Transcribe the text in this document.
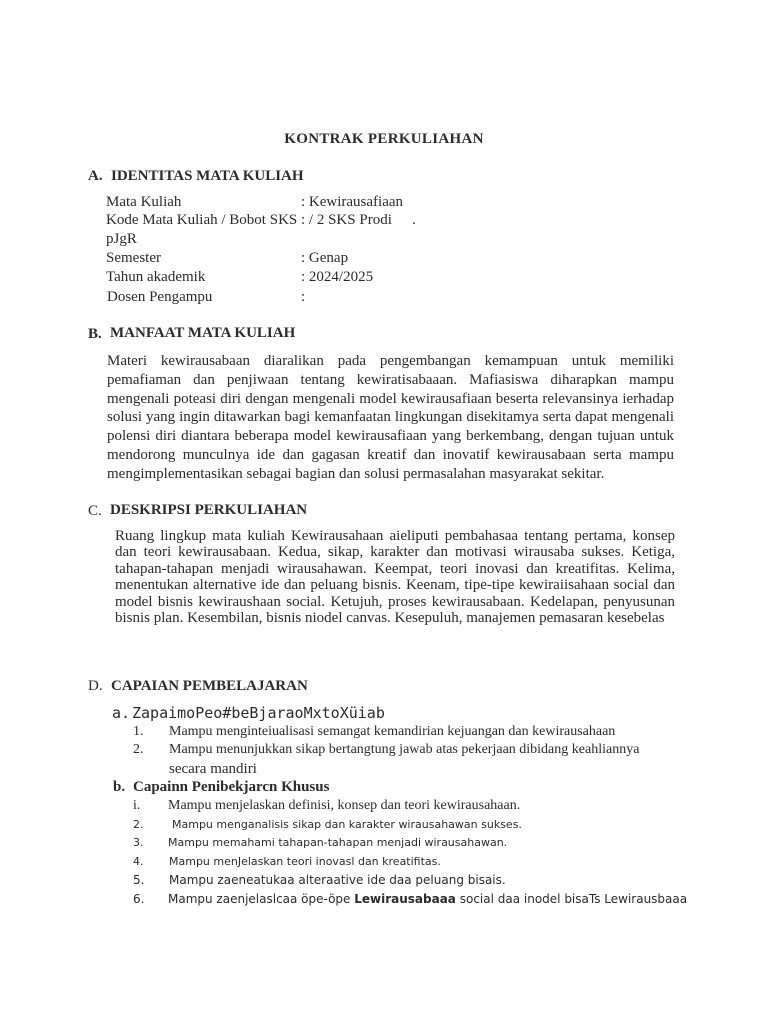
KONTRAK PERKULIAHAN
A. IDENTITAS MATA KULIAH
Mata Kuliah	: Kewirausafiaan
Kode Mata Kuliah / Bobot SKS : / 2 SKS Prodi .
pJgR
Semester	: Genap
Tahun akademik	: 2024/2025
Dosen Pengampu	:
B. MANFAAT MATA KULIAH
Materi kewirausabaan diaralikan pada pengembangan kemampuan untuk memiliki pemafiaman dan penjiwaan tentang kewiratisabaaan. Mafiasiswa diharapkan mampu mengenali poteasi diri dengan mengenali model kewirausafiaan beserta relevansinya ierhadap solusi yang ingin ditawarkan bagi kemanfaatan lingkungan disekitamya serta dapat mengenali polensi diri diantara beberapa model kewirausafiaan yang berkembang, dengan tujuan untuk mendorong munculnya ide dan gagasan kreatif dan inovatif kewirausabaan serta mampu mengimplementasikan sebagai bagian dan solusi permasalahan masyarakat sekitar.
C. DESKRIPSI PERKULIAHAN
Ruang lingkup mata kuliah Kewirausahaan aieliputi pembahasaa tentang pertama, konsep dan teori kewirausabaan. Kedua, sikap, karakter dan motivasi wirausaba sukses. Ketiga, tahapan-tahapan menjadi wirausahawan. Keempat, teori inovasi dan kreatifitas. Kelima, menentukan alternative ide dan peluang bisnis. Keenam, tipe-tipe kewiraiisahaan social dan model bisnis kewiraushaan social. Ketujuh, proses kewirausabaan. Kedelapan, penyusunan bisnis plan. Kesembilan, bisnis niodel canvas. Kesepuluh, manajemen pemasaran kesebelas
D. CAPAIAN PEMBELAJARAN
a. ZapaimoPeo#beBjaraoMxtoXüiab
1. Mampu menginteiualisasi semangat kemandirian kejuangan dan kewirausahaan
2. Mampu menunjukkan sikap bertangtung jawab atas pekerjaan dibidang keahliannya
secara mandiri
b. Capainn Penibekjarcn Khusus
i. Mampu menjelaskan definisi, konsep dan teori kewirausahaan.
2.	Mampu menganalisis sikap dan karakter wirausahawan sukses.
3. Mampu memahami tahapan-tahapan menjadi wirausahawan.
4. Mampu menJelaskan teori inovasl dan kreatifitas.
5. Mampu zaeneatukaa alteraative ide daa peluang bisais.
6. Mampu zaenjelaslcaa öpe-öpe Lewirausabaaa social daa inodel bisaTs Lewirausbaaa
